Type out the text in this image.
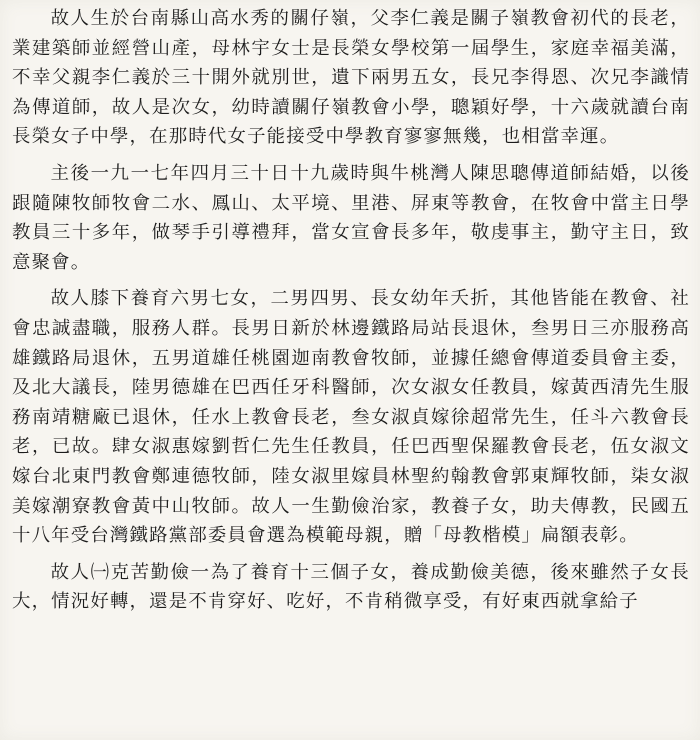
故人生於台南縣山高水秀的關仔嶺，父李仁義是關子嶺教會初代的長老，業建築師並經營山產，母林宇女士是長榮女學校第一屆學生，家庭幸福美滿，不幸父親李仁義於三十開外就別世，遺下兩男五女，長兄李得恩、次兄李識情為傳道師，故人是次女，幼時讀關仔嶺教會小學，聰穎好學，十六歲就讀台南長榮女子中學，在那時代女子能接受中學教育寥寥無幾，也相當幸運。

主後一九一七年四月三十日十九歲時與牛桃灣人陳思聰傳道師結婚，以後跟隨陳牧師牧會二水、鳳山、太平境、里港、屏東等教會，在牧會中當主日學教員三十多年，做琴手引導禮拜，當女宣會長多年，敬虔事主，勤守主日，致意聚會。

故人膝下養育六男七女，二男四男、長女幼年夭折，其他皆能在教會、社會忠誠盡職，服務人群。長男日新於林邊鐵路局站長退休，叁男日三亦服務高雄鐵路局退休，五男道雄任桃園迦南教會牧師，並據任總會傳道委員會主委，及北大議長，陸男德雄在巴西任牙科醫師，次女淑女任教員，嫁黃西清先生服務南靖糖廠已退休，任水上教會長老，叁女淑貞嫁徐超常先生，任斗六教會長老，已故。肆女淑惠嫁劉哲仁先生任教員，任巴西聖保羅教會長老，伍女淑文嫁台北東門教會鄭連德牧師，陸女淑里嫁員林聖約翰教會郭東輝牧師，柒女淑美嫁潮寮教會黃中山牧師。故人一生勤儉治家，教養子女，助夫傳教，民國五十八年受台灣鐵路黨部委員會選為模範母親，贈「母教楷模」扁額表彰。

故人㈠克苦勤儉一為了養育十三個子女，養成勤儉美德，後來雖然子女長大，情況好轉，還是不肯穿好、吃好，不肯稍微享受，有好東西就拿給子
